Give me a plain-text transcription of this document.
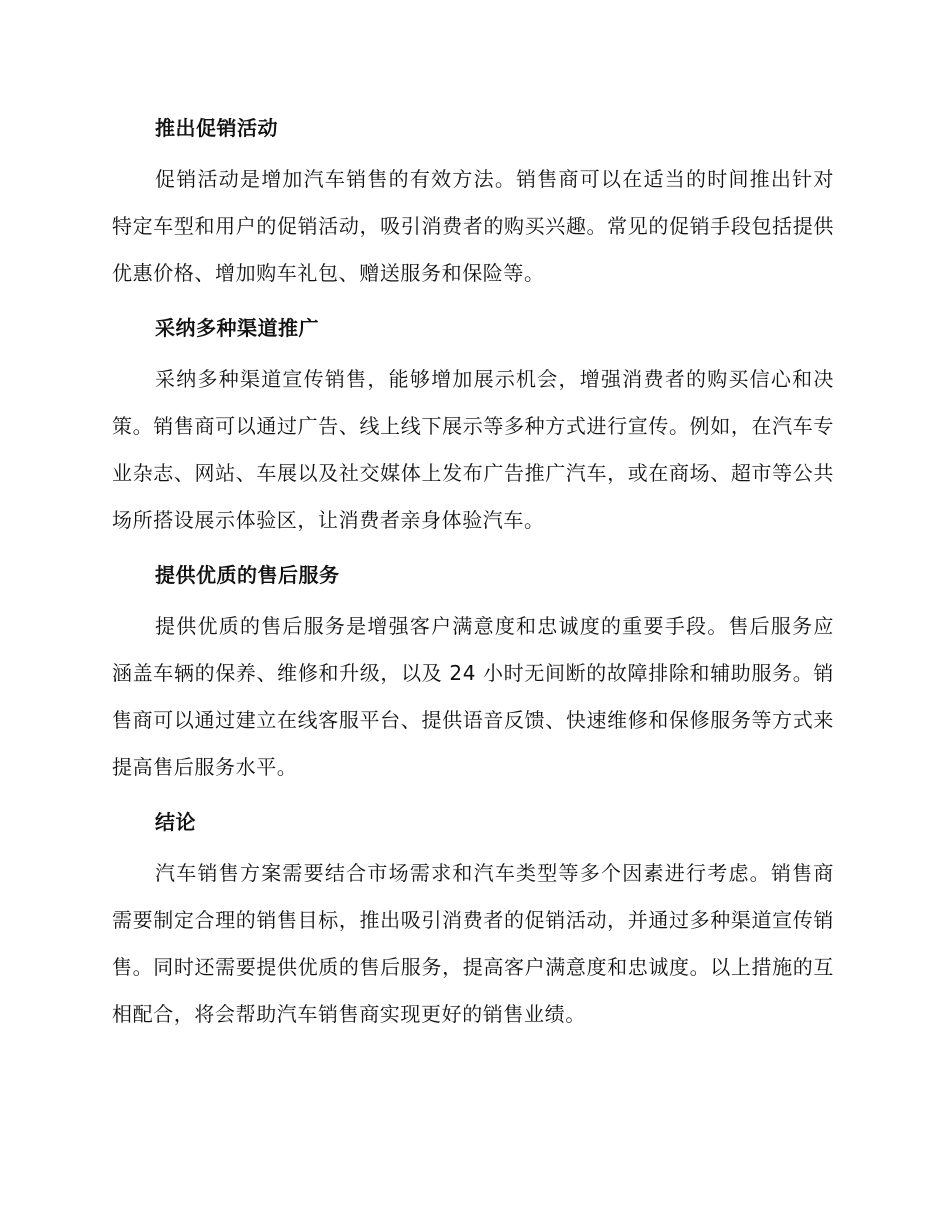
推出促销活动

促销活动是增加汽车销售的有效方法。销售商可以在适当的时间推出针对特定车型和用户的促销活动，吸引消费者的购买兴趣。常见的促销手段包括提供优惠价格、增加购车礼包、赠送服务和保险等。

采纳多种渠道推广

采纳多种渠道宣传销售，能够增加展示机会，增强消费者的购买信心和决策。销售商可以通过广告、线上线下展示等多种方式进行宣传。例如，在汽车专业杂志、网站、车展以及社交媒体上发布广告推广汽车，或在商场、超市等公共场所搭设展示体验区，让消费者亲身体验汽车。

提供优质的售后服务

提供优质的售后服务是增强客户满意度和忠诚度的重要手段。售后服务应涵盖车辆的保养、维修和升级，以及 24 小时无间断的故障排除和辅助服务。销售商可以通过建立在线客服平台、提供语音反馈、快速维修和保修服务等方式来提高售后服务水平。

结论

汽车销售方案需要结合市场需求和汽车类型等多个因素进行考虑。销售商需要制定合理的销售目标，推出吸引消费者的促销活动，并通过多种渠道宣传销售。同时还需要提供优质的售后服务，提高客户满意度和忠诚度。以上措施的互相配合，将会帮助汽车销售商实现更好的销售业绩。
